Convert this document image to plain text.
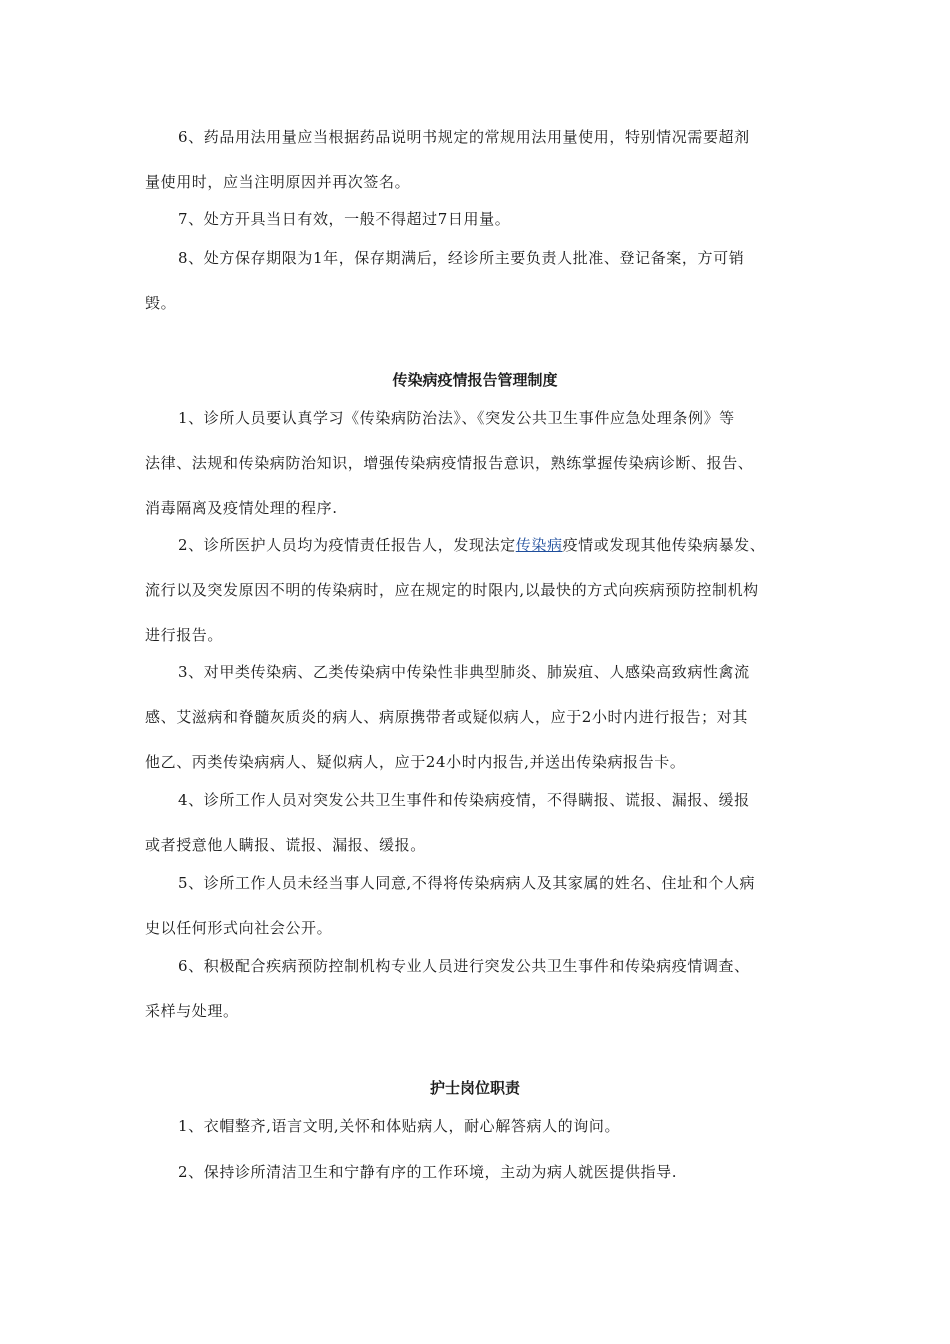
6、药品用法用量应当根据药品说明书规定的常规用法用量使用，特别情况需要超剂
量使用时，应当注明原因并再次签名。
7、处方开具当日有效，一般不得超过7日用量。
8、处方保存期限为1年，保存期满后，经诊所主要负责人批准、登记备案，方可销
毁。
传染病疫情报告管理制度
1、诊所人员要认真学习《传染病防治法》、《突发公共卫生事件应急处理条例》等
法律、法规和传染病防治知识，增强传染病疫情报告意识，熟练掌握传染病诊断、报告、
消毒隔离及疫情处理的程序.
2、诊所医护人员均为疫情责任报告人，发现法定传染病疫情或发现其他传染病暴发、
流行以及突发原因不明的传染病时，应在规定的时限内,以最快的方式向疾病预防控制机构
进行报告。
3、对甲类传染病、乙类传染病中传染性非典型肺炎、肺炭疽、人感染高致病性禽流
感、艾滋病和脊髓灰质炎的病人、病原携带者或疑似病人，应于2小时内进行报告；对其
他乙、丙类传染病病人、疑似病人，应于24小时内报告,并送出传染病报告卡。
4、诊所工作人员对突发公共卫生事件和传染病疫情，不得瞒报、谎报、漏报、缓报
或者授意他人瞒报、谎报、漏报、缓报。
5、诊所工作人员未经当事人同意,不得将传染病病人及其家属的姓名、住址和个人病
史以任何形式向社会公开。
6、积极配合疾病预防控制机构专业人员进行突发公共卫生事件和传染病疫情调查、
采样与处理。
护士岗位职责
1、衣帽整齐,语言文明,关怀和体贴病人，耐心解答病人的询问。
2、保持诊所清洁卫生和宁静有序的工作环境，主动为病人就医提供指导.
